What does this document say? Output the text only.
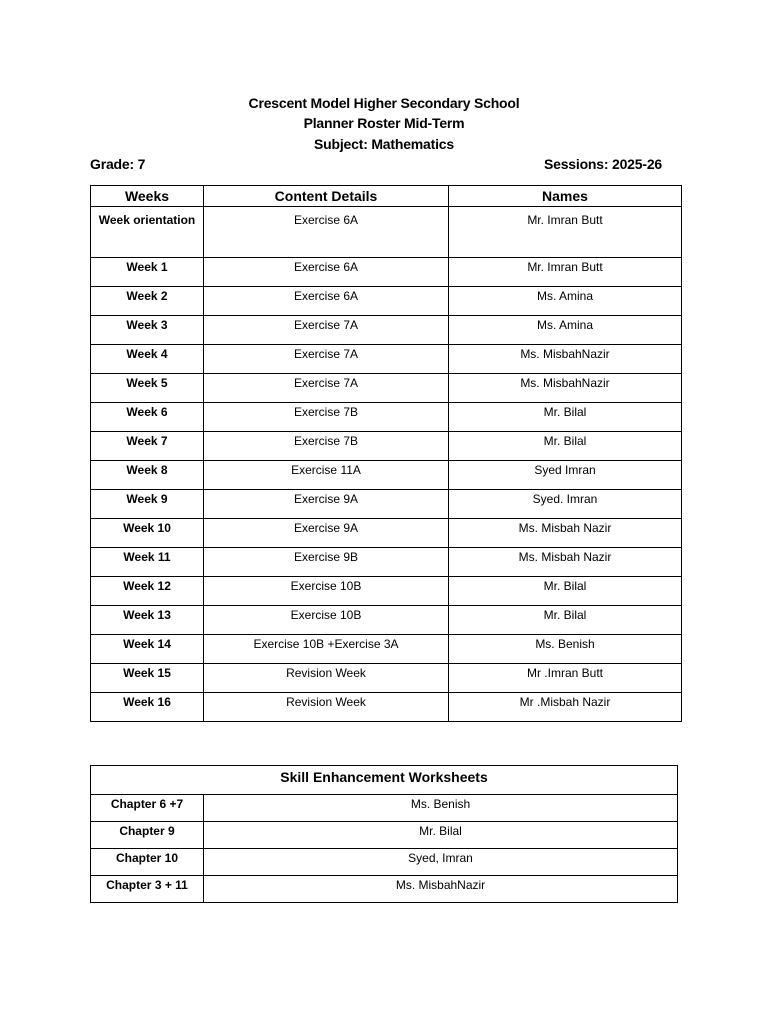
Crescent Model Higher Secondary School
Planner Roster Mid-Term
Subject: Mathematics
Grade: 7	Sessions: 2025-26
Weeks	Content Details	Names
Week orientation	Exercise 6A	Mr. Imran Butt
Week 1	Exercise 6A	Mr. Imran Butt
Week 2	Exercise 6A	Ms. Amina
Week 3	Exercise 7A	Ms. Amina
Week 4	Exercise 7A	Ms. MisbahNazir
Week 5	Exercise 7A	Ms. MisbahNazir
Week 6	Exercise 7B	Mr. Bilal
Week 7	Exercise 7B	Mr. Bilal
Week 8	Exercise 11A	Syed Imran
Week 9	Exercise 9A	Syed. Imran
Week 10	Exercise 9A	Ms. Misbah Nazir
Week 11	Exercise 9B	Ms. Misbah Nazir
Week 12	Exercise 10B	Mr. Bilal
Week 13	Exercise 10B	Mr. Bilal
Week 14	Exercise 10B +Exercise 3A	Ms. Benish
Week 15	Revision Week	Mr .Imran Butt
Week 16	Revision Week	Mr .Misbah Nazir
Skill Enhancement Worksheets	
Chapter 6 +7	Ms. Benish
Chapter 9	Mr. Bilal
Chapter 10	Syed, Imran
Chapter 3 + 11	Ms. MisbahNazir
